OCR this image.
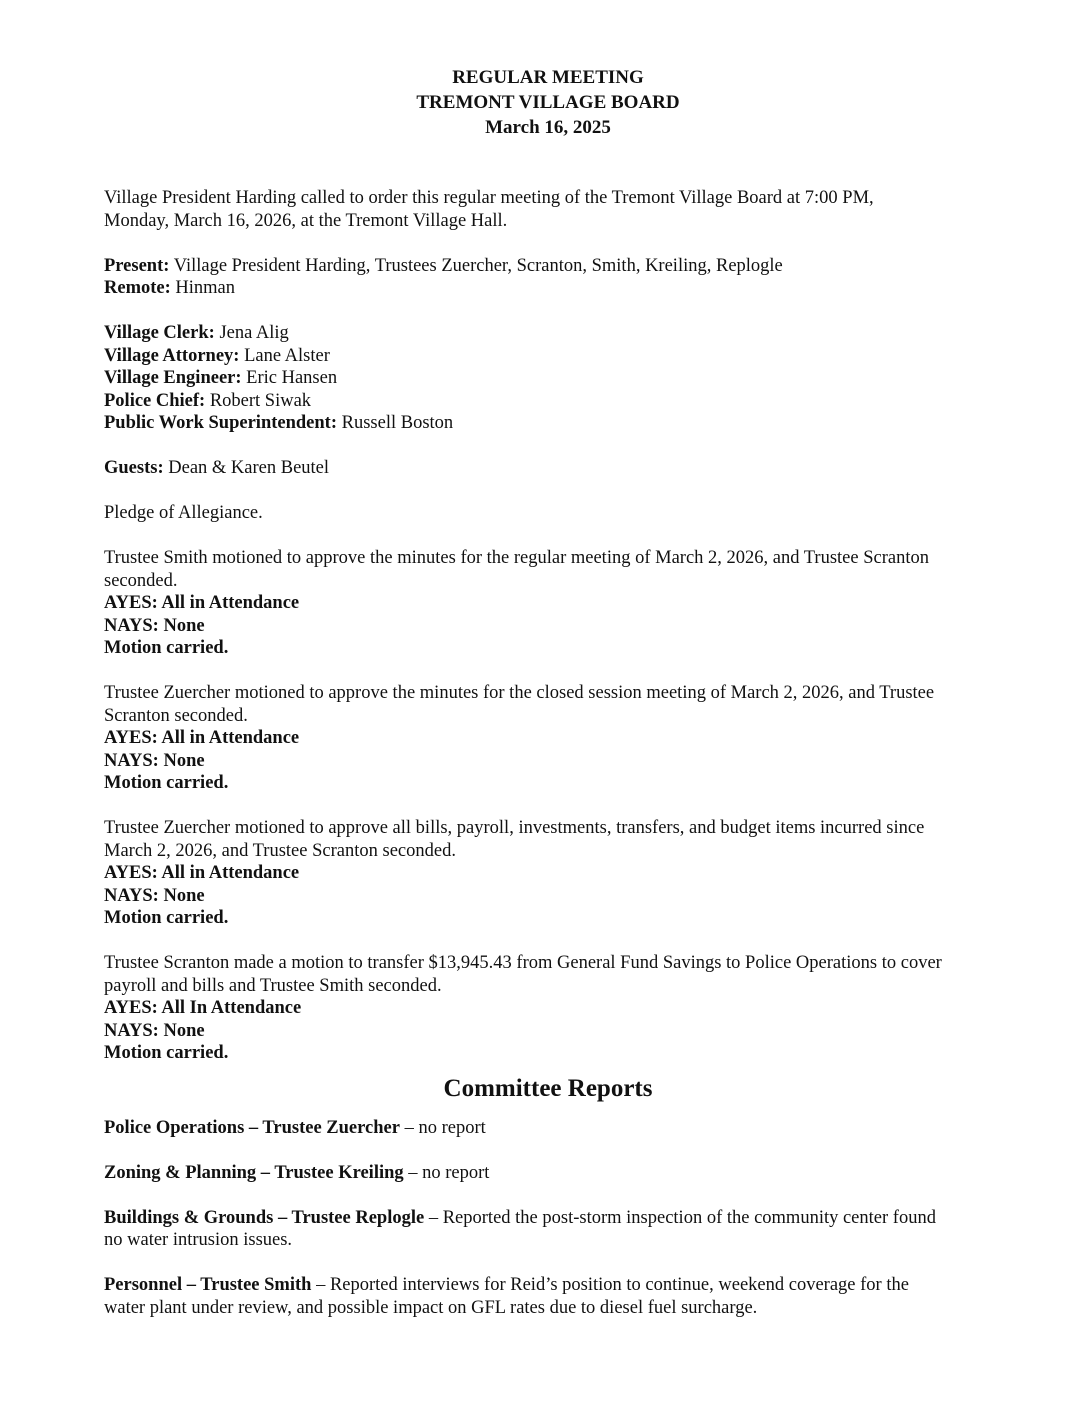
REGULAR MEETING

TREMONT VILLAGE BOARD

March 16, 2025

Village President Harding called to order this regular meeting of the Tremont Village Board at 7:00 PM,

Monday, March 16, 2026, at the Tremont Village Hall.

Present: Village President Harding, Trustees Zuercher, Scranton, Smith, Kreiling, Replogle

Remote: Hinman

Village Clerk: Jena Alig

Village Attorney: Lane Alster

Village Engineer: Eric Hansen

Police Chief: Robert Siwak

Public Work Superintendent: Russell Boston

Guests: Dean & Karen Beutel

Pledge of Allegiance.

Trustee Smith motioned to approve the minutes for the regular meeting of March 2, 2026, and Trustee Scranton

seconded.

AYES: All in Attendance

NAYS: None

Motion carried.

Trustee Zuercher motioned to approve the minutes for the closed session meeting of March 2, 2026, and Trustee

Scranton seconded.

AYES: All in Attendance

NAYS: None

Motion carried.

Trustee Zuercher motioned to approve all bills, payroll, investments, transfers, and budget items incurred since

March 2, 2026, and Trustee Scranton seconded.

AYES: All in Attendance

NAYS: None

Motion carried.

Trustee Scranton made a motion to transfer $13,945.43 from General Fund Savings to Police Operations to cover

payroll and bills and Trustee Smith seconded.

AYES: All In Attendance

NAYS: None

Motion carried.

Committee Reports

Police Operations – Trustee Zuercher – no report

Zoning & Planning – Trustee Kreiling – no report

Buildings & Grounds – Trustee Replogle – Reported the post-storm inspection of the community center found

no water intrusion issues.

Personnel – Trustee Smith – Reported interviews for Reid’s position to continue, weekend coverage for the

water plant under review, and possible impact on GFL rates due to diesel fuel surcharge.
